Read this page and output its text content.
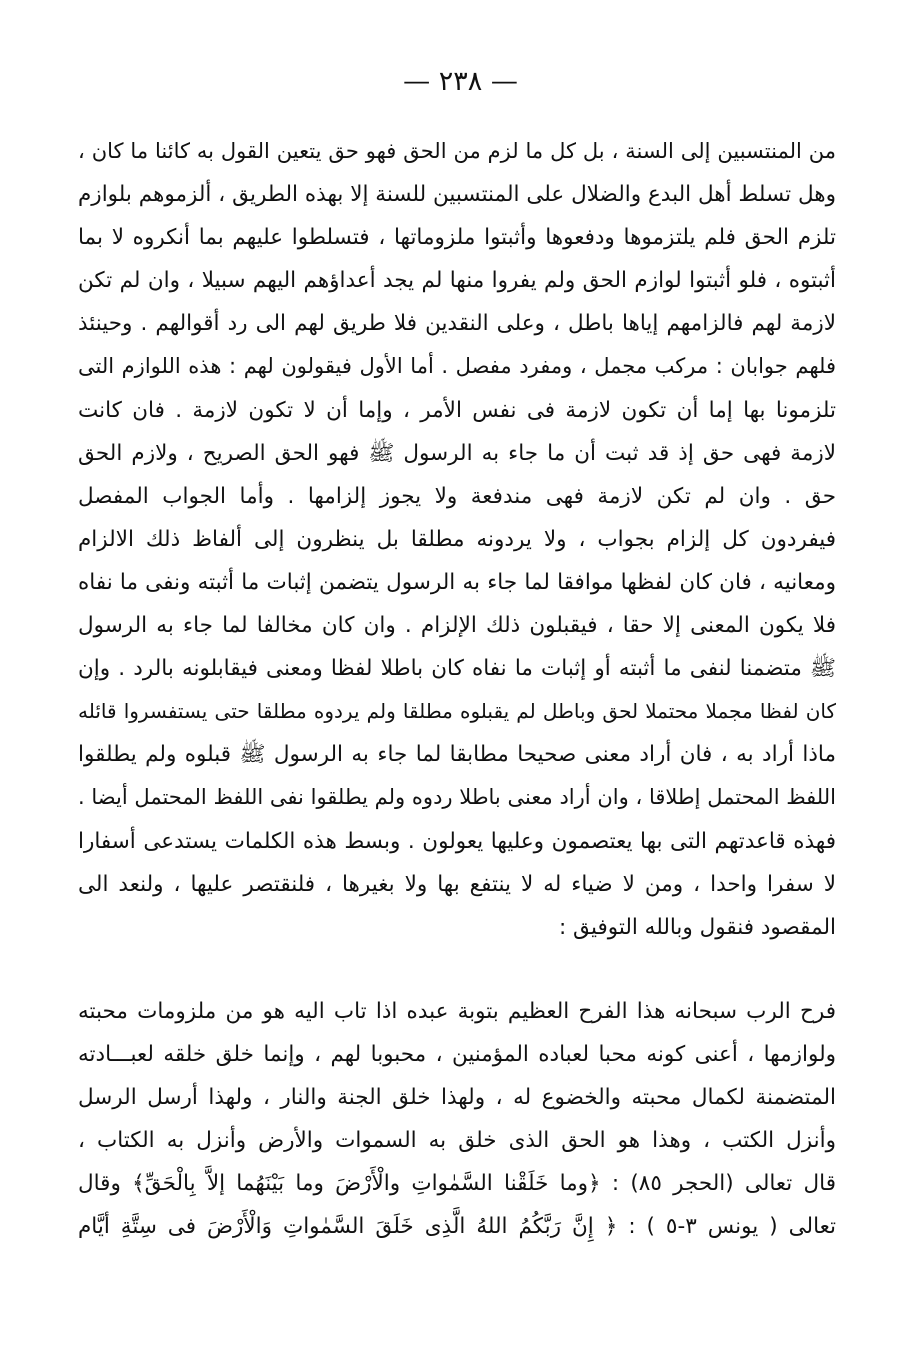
— ٢٣٨ —
من المنتسبين إلى السنة ، بل كل ما لزم من الحق فهو حق يتعين القول به كائنا ما كان ،
وهل تسلط أهل البدع والضلال على المنتسبين للسنة إلا بهذه الطريق ، ألزموهم بلوازم
تلزم الحق فلم يلتزموها ودفعوها وأثبتوا ملزوماتها ، فتسلطوا عليهم بما أنكروه لا بما
أثبتوه ، فلو أثبتوا لوازم الحق ولم يفروا منها لم يجد أعداؤهم اليهم سبيلا ، وان لم تكن
لازمة لهم فالزامهم إياها باطل ، وعلى النقدين فلا طريق لهم الى رد أقوالهم . وحينئذ
فلهم جوابان : مركب مجمل ، ومفرد مفصل . أما الأول فيقولون لهم : هذه اللوازم التى
تلزمونا بها إما أن تكون لازمة فى نفس الأمر ، وإما أن لا تكون لازمة . فان كانت
لازمة فهى حق إذ قد ثبت أن ما جاء به الرسول ﷺ فهو الحق الصريح ، ولازم الحق
حق . وان لم تكن لازمة فهى مندفعة ولا يجوز إلزامها . وأما الجواب المفصل
فيفردون كل إلزام بجواب ، ولا يردونه مطلقا بل ينظرون إلى ألفاظ ذلك الالزام
ومعانيه ، فان كان لفظها موافقا لما جاء به الرسول يتضمن إثبات ما أثبته ونفى ما نفاه
فلا يكون المعنى إلا حقا ، فيقبلون ذلك الإلزام . وان كان مخالفا لما جاء به الرسول
ﷺ متضمنا لنفى ما أثبته أو إثبات ما نفاه كان باطلا لفظا ومعنى فيقابلونه بالرد . وإن
كان لفظا مجملا محتملا لحق وباطل لم يقبلوه مطلقا ولم يردوه مطلقا حتى يستفسروا قائله
ماذا أراد به ، فان أراد معنى صحيحا مطابقا لما جاء به الرسول ﷺ قبلوه ولم يطلقوا
اللفظ المحتمل إطلاقا ، وان أراد معنى باطلا ردوه ولم يطلقوا نفى اللفظ المحتمل أيضا .
فهذه قاعدتهم التى بها يعتصمون وعليها يعولون . وبسط هذه الكلمات يستدعى أسفارا
لا سفرا واحدا ، ومن لا ضياء له لا ينتفع بها ولا بغيرها ، فلنقتصر عليها ، ولنعد الى
المقصود فنقول وبالله التوفيق :
فرح الرب سبحانه هذا الفرح العظيم بتوبة عبده اذا تاب اليه هو من ملزومات محبته
ولوازمها ، أعنى كونه محبا لعباده المؤمنين ، محبوبا لهم ، وإنما خلق خلقه لعبـــادته
المتضمنة لكمال محبته والخضوع له ، ولهذا خلق الجنة والنار ، ولهذا أرسل الرسل
وأنزل الكتب ، وهذا هو الحق الذى خلق به السموات والأرض وأنزل به الكتاب ،
قال تعالى (الحجر ٨٥) : ﴿وما خَلَقْنا السَّمٰواتِ والْأَرْضَ وما بَيْنَهُما إلاَّ بِالْحَقِّ﴾ وقال
تعالى ( يونس ٣-٥ ) : ﴿ إِنَّ رَبَّكُمُ اللهُ الَّذِى خَلَقَ السَّمٰواتِ وَالْأَرْضَ فى سِتَّةِ أيَّام
